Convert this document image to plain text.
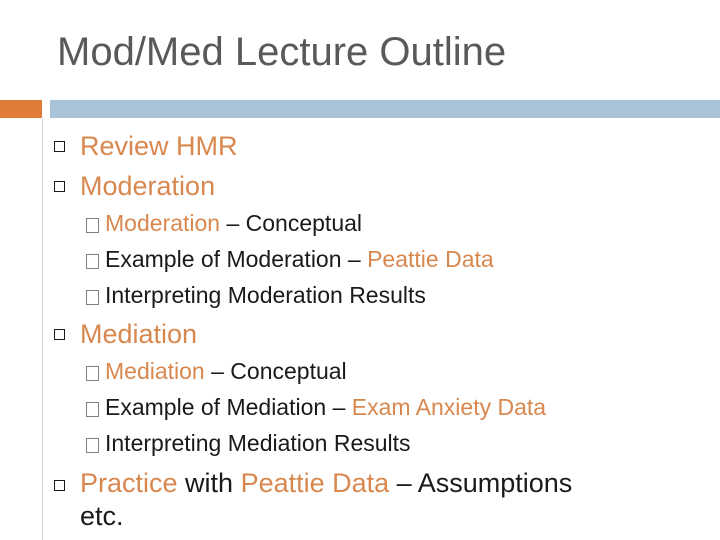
Mod/Med Lecture Outline
Review HMR
Moderation
Moderation – Conceptual
Example of Moderation – Peattie Data
Interpreting Moderation Results
Mediation
Mediation – Conceptual
Example of Mediation – Exam Anxiety Data
Interpreting Mediation Results
Practice with Peattie Data – Assumptions
etc.
